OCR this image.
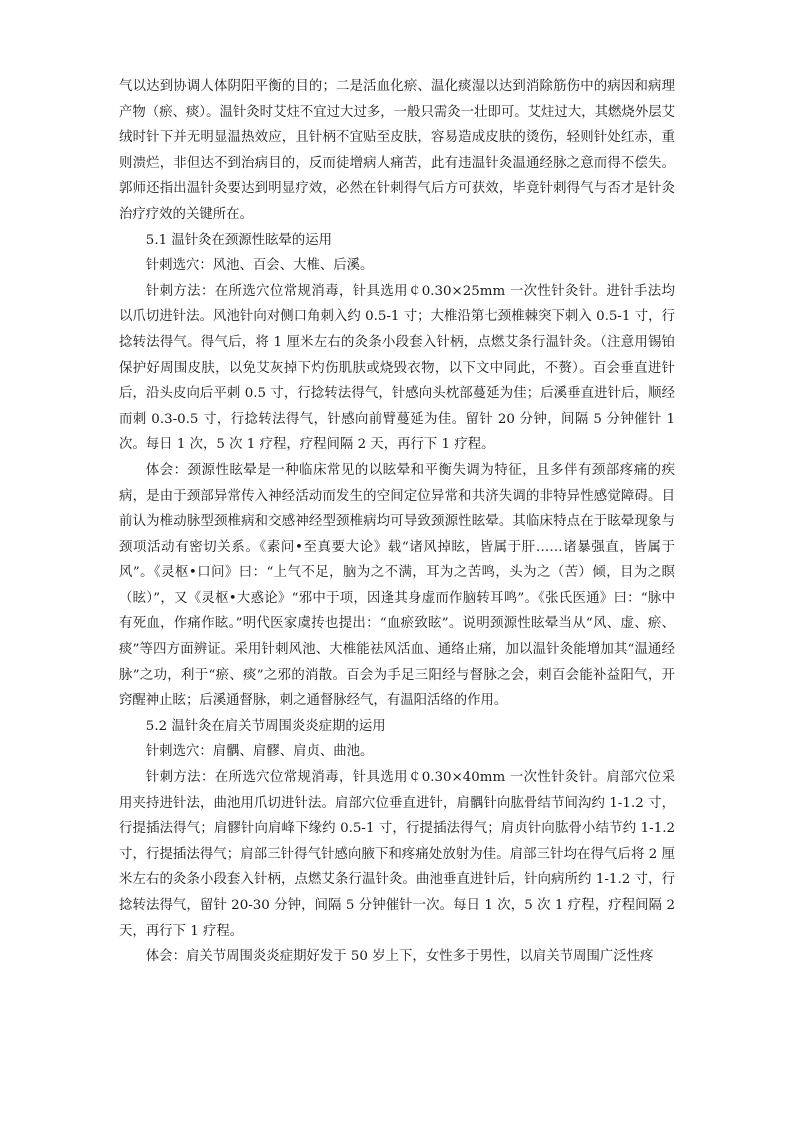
气以达到协调人体阴阳平衡的目的；二是活血化瘀、温化痰湿以达到消除筋伤中的病因和病理产物（瘀、痰）。温针灸时艾炷不宜过大过多，一般只需灸一壮即可。艾炷过大，其燃烧外层艾绒时针下并无明显温热效应，且针柄不宜贴至皮肤，容易造成皮肤的烫伤，轻则针处红赤，重则溃烂，非但达不到治病目的，反而徒增病人痛苦，此有违温针灸温通经脉之意而得不偿失。郭师还指出温针灸要达到明显疗效，必然在针刺得气后方可获效，毕竟针刺得气与否才是针灸治疗疗效的关键所在。

5.1 温针灸在颈源性眩晕的运用

针刺选穴：风池、百会、大椎、后溪。

针刺方法：在所选穴位常规消毒，针具选用￠0.30×25mm 一次性针灸针。进针手法均以爪切进针法。风池针向对侧口角刺入约 0.5-1 寸；大椎沿第七颈椎棘突下刺入 0.5-1 寸，行捻转法得气。得气后，将 1 厘米左右的灸条小段套入针柄，点燃艾条行温针灸。（注意用锡铂保护好周围皮肤，以免艾灰掉下灼伤肌肤或烧毁衣物，以下文中同此，不赘）。百会垂直进针后，沿头皮向后平刺 0.5 寸，行捻转法得气，针感向头枕部蔓延为佳；后溪垂直进针后，顺经而刺 0.3-0.5 寸，行捻转法得气，针感向前臂蔓延为佳。留针 20 分钟，间隔 5 分钟催针 1 次。每日 1 次，5 次 1 疗程，疗程间隔 2 天，再行下 1 疗程。

体会：颈源性眩晕是一种临床常见的以眩晕和平衡失调为特征，且多伴有颈部疼痛的疾病，是由于颈部异常传入神经活动而发生的空间定位异常和共济失调的非特异性感觉障碍。目前认为椎动脉型颈椎病和交感神经型颈椎病均可导致颈源性眩晕。其临床特点在于眩晕现象与颈项活动有密切关系。《素问•至真要大论》载“诸风掉眩，皆属于肝……诸暴强直，皆属于风”。《灵枢•口问》曰：“上气不足，脑为之不满，耳为之苦鸣，头为之（苦）倾，目为之瞑（眩）”，又《灵枢•大惑论》“邪中于项，因逢其身虚而作脑转耳鸣”。《张氏医通》曰：“脉中有死血，作痛作眩。”明代医家虞抟也提出：“血瘀致眩”。说明颈源性眩晕当从“风、虚、瘀、痰”等四方面辨证。采用针刺风池、大椎能祛风活血、通络止痛，加以温针灸能增加其“温通经脉”之功，利于“瘀、痰”之邪的消散。百会为手足三阳经与督脉之会，刺百会能补益阳气，开窍醒神止眩；后溪通督脉，刺之通督脉经气，有温阳活络的作用。

5.2 温针灸在肩关节周围炎炎症期的运用

针刺选穴：肩髃、肩髎、肩贞、曲池。

针刺方法：在所选穴位常规消毒，针具选用￠0.30×40mm 一次性针灸针。肩部穴位采用夹持进针法，曲池用爪切进针法。肩部穴位垂直进针，肩髃针向肱骨结节间沟约 1-1.2 寸，行提插法得气；肩髎针向肩峰下缘约 0.5-1 寸，行提插法得气；肩贞针向肱骨小结节约 1-1.2 寸，行提插法得气；肩部三针得气针感向腋下和疼痛处放射为佳。肩部三针均在得气后将 2 厘米左右的灸条小段套入针柄，点燃艾条行温针灸。曲池垂直进针后，针向病所约 1-1.2 寸，行捻转法得气，留针 20-30 分钟，间隔 5 分钟催针一次。每日 1 次，5 次 1 疗程，疗程间隔 2 天，再行下 1 疗程。

体会：肩关节周围炎炎症期好发于 50 岁上下，女性多于男性，以肩关节周围广泛性疼
